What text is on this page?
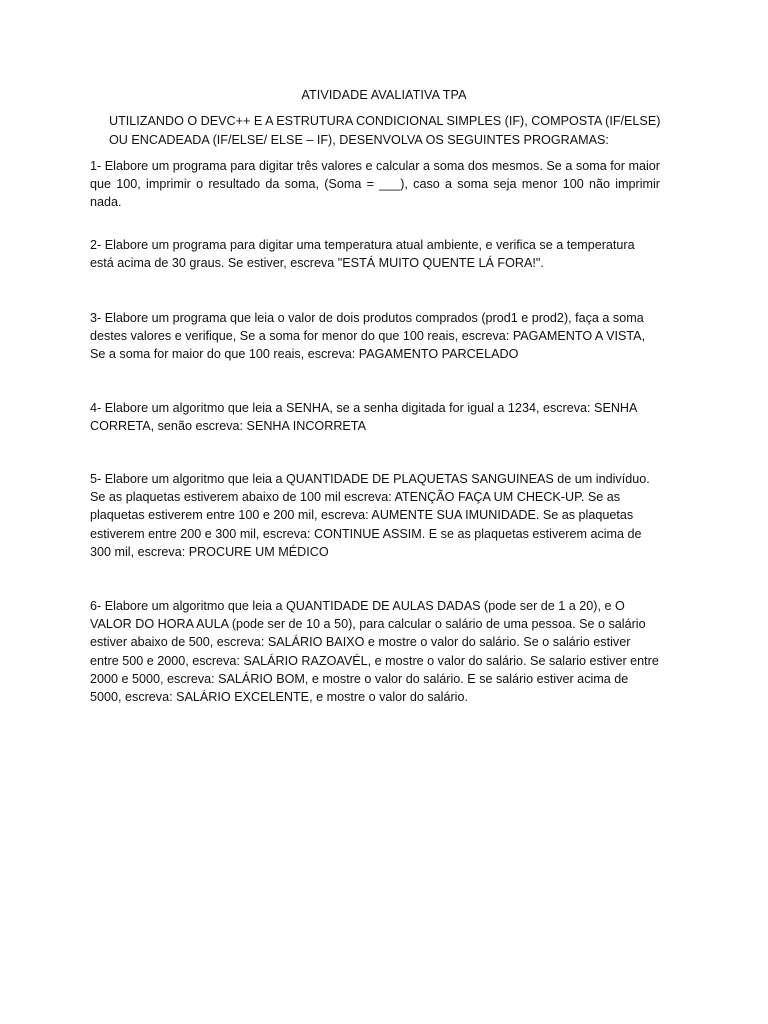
ATIVIDADE AVALIATIVA TPA
UTILIZANDO O DEVC++ E A ESTRUTURA CONDICIONAL SIMPLES (IF), COMPOSTA (IF/ELSE) OU ENCADEADA (IF/ELSE/ ELSE – IF), DESENVOLVA OS SEGUINTES PROGRAMAS:
1- Elabore um programa para digitar três valores e calcular a soma dos mesmos. Se a soma for maior que 100, imprimir o resultado da soma, (Soma = ___), caso a soma seja menor 100 não imprimir nada.
2- Elabore um programa para digitar uma temperatura atual ambiente, e verifica se a temperatura está acima de 30 graus. Se estiver, escreva "ESTÁ MUITO QUENTE LÁ FORA!".
3- Elabore um programa que leia o valor de dois produtos comprados (prod1 e prod2), faça a soma destes valores e verifique, Se a soma for menor do que 100 reais, escreva: PAGAMENTO A VISTA, Se a soma for maior do que 100 reais, escreva: PAGAMENTO PARCELADO
4- Elabore um algoritmo que leia a SENHA, se a senha digitada for igual a 1234, escreva: SENHA CORRETA, senão escreva: SENHA INCORRETA
5- Elabore um algoritmo que leia a QUANTIDADE DE PLAQUETAS SANGUINEAS de um indivíduo. Se as plaquetas estiverem abaixo de 100 mil escreva: ATENÇÃO FAÇA UM CHECK-UP. Se as plaquetas estiverem entre 100 e 200 mil, escreva: AUMENTE SUA IMUNIDADE. Se as plaquetas estiverem entre 200 e 300 mil, escreva: CONTINUE ASSIM. E se as plaquetas estiverem acima de 300 mil, escreva: PROCURE UM MÉDICO
6- Elabore um algoritmo que leia a QUANTIDADE DE AULAS DADAS (pode ser de 1 a 20), e O VALOR DO HORA AULA (pode ser de 10 a 50), para calcular o salário de uma pessoa. Se o salário estiver abaixo de 500, escreva: SALÁRIO BAIXO e mostre o valor do salário. Se o salário estiver entre 500 e 2000, escreva: SALÁRIO RAZOAVÉL, e mostre o valor do salário. Se salario estiver entre 2000 e 5000, escreva: SALÁRIO BOM, e mostre o valor do salário. E se salário estiver acima de 5000, escreva: SALÁRIO EXCELENTE, e mostre o valor do salário.
